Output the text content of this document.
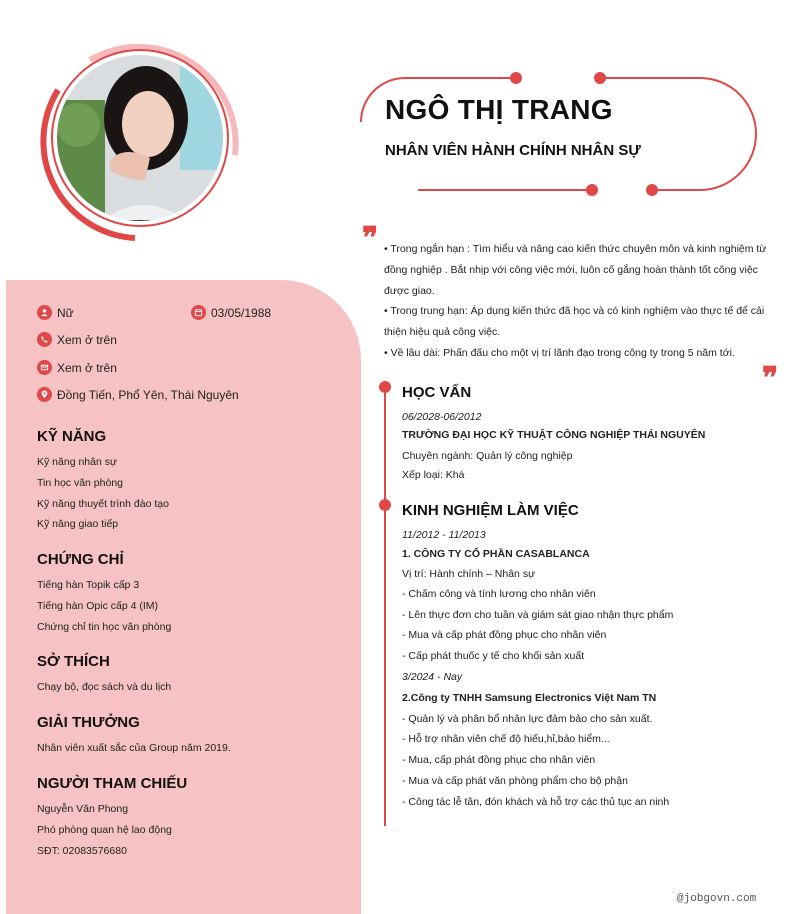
Nữ	03/05/1988
Xem ở trên
Xem ở trên
Đồng Tiến, Phổ Yên, Thái Nguyên
KỸ NĂNG
Kỹ năng nhân sự
Tin học văn phòng
Kỹ năng thuyết trình đào tạo
Kỹ năng giao tiếp
CHỨNG CHỈ
Tiếng hàn Topik cấp 3
Tiếng hàn Opic cấp 4 (IM)
Chứng chỉ tin học văn phòng
SỞ THÍCH
Chạy bộ, đọc sách và du lịch
GIẢI THƯỞNG
Nhân viên xuất sắc của Group năm 2019.
NGƯỜI THAM CHIẾU
Nguyễn Văn Phong
Phó phòng quan hệ lao động
SĐT: 02083576680
NGÔ THỊ TRANG
NHÂN VIÊN HÀNH CHÍNH NHÂN SỰ
❞ • Trong ngắn hạn : Tìm hiểu và nâng cao kiến thức chuyên môn và kinh nghiệm từ
đồng nghiệp . Bắt nhịp với công việc mới, luôn cố gắng hoàn thành tốt công việc
được giao.
• Trong trung hạn: Áp dụng kiến thức đã học và có kinh nghiệm vào thực tế để cải
thiện hiệu quả công việc.
• Về lâu dài: Phấn đấu cho một vị trí lãnh đạo trong công ty trong 5 năm tới.
❞
HỌC VẤN
06/2028-06/2012
TRƯỜNG ĐẠI HỌC KỸ THUẬT CÔNG NGHIỆP THÁI NGUYÊN
Chuyên ngành: Quản lý công nghiệp
Xếp loại: Khá
KINH NGHIỆM LÀM VIỆC
11/2012 - 11/2013
1. CÔNG TY CỔ PHẦN CASABLANCA
Vị trí: Hành chính – Nhân sự
- Chấm công và tính lương cho nhân viên
- Lên thực đơn cho tuần và giám sát giao nhận thực phẩm
- Mua và cấp phát đồng phục cho nhân viên
- Cấp phát thuốc y tế cho khối sản xuất
3/2024 - Nay
2.Công ty TNHH Samsung Electronics Việt Nam TN
- Quản lý và phân bổ nhân lực đảm bảo cho sản xuất.
- Hỗ trợ nhân viên chế độ hiếu,hỉ,bảo hiểm...
- Mua, cấp phát đồng phục cho nhân viên
- Mua và cấp phát văn phòng phẩm cho bộ phận
- Công tác lễ tân, đón khách và hỗ trợ các thủ tục an ninh
@jobgovn.com
